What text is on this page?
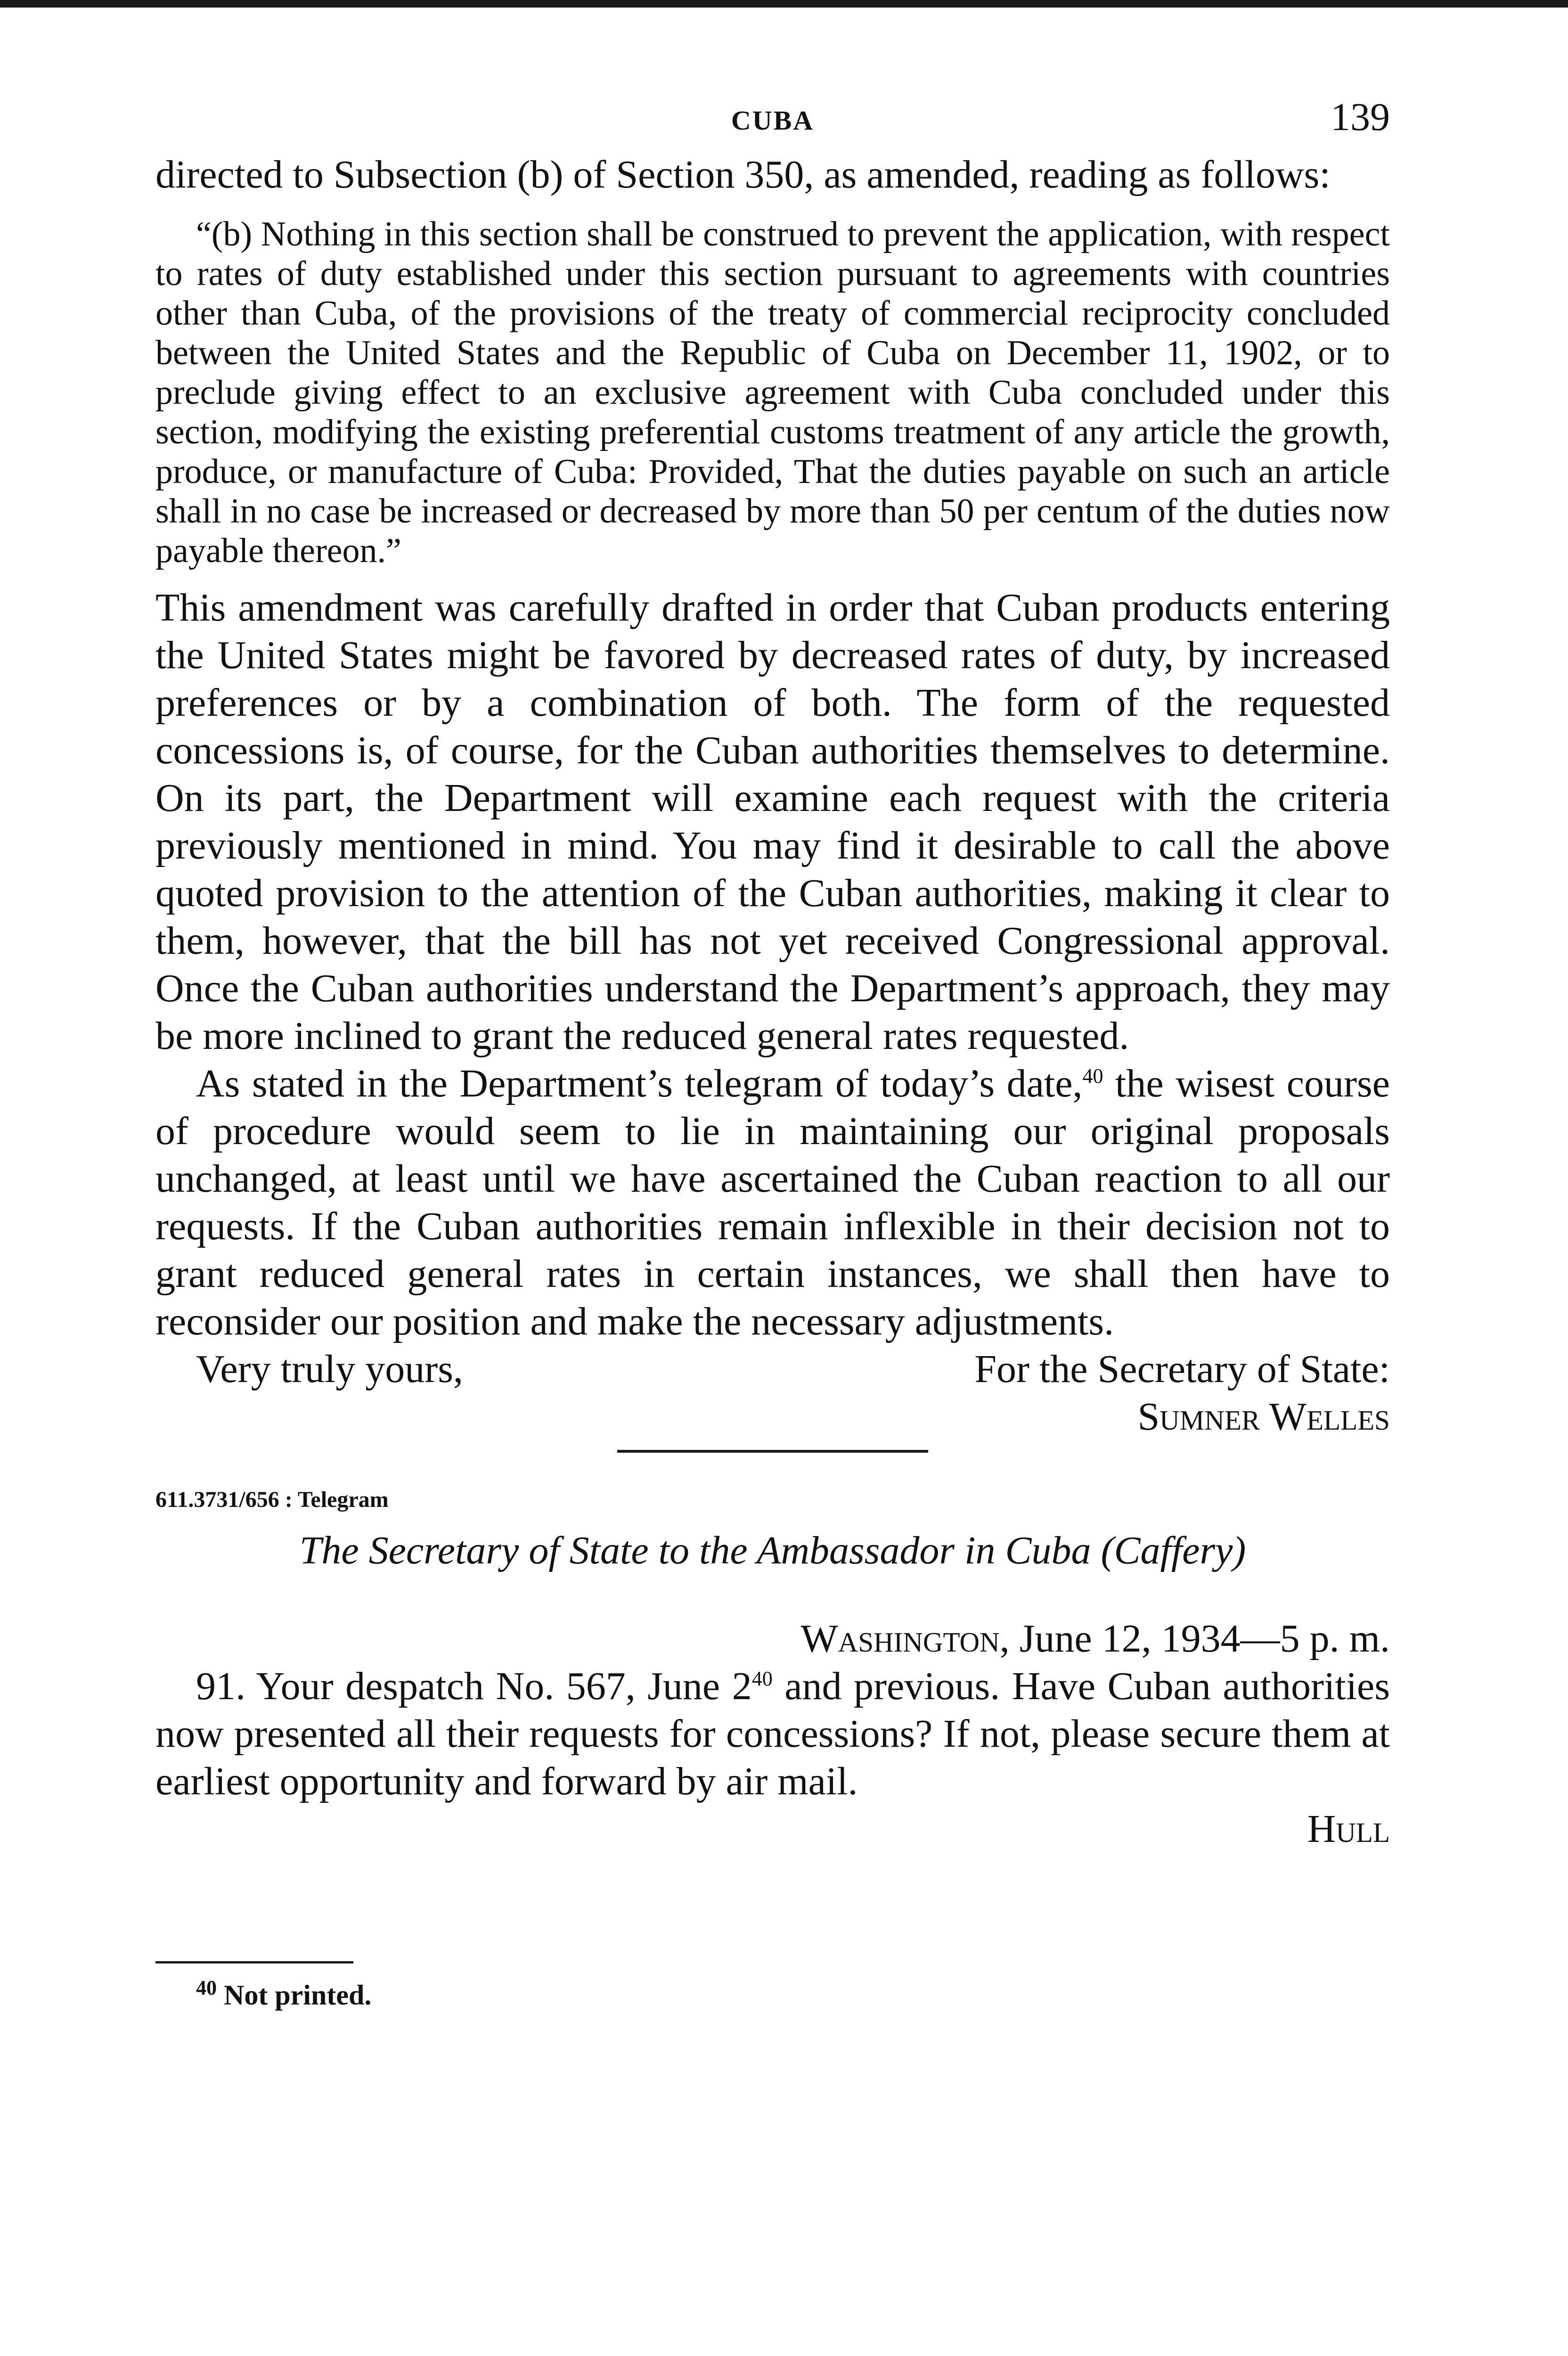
CUBA	139

directed to Subsection (b) of Section 350, as amended, reading as follows:

“(b) Nothing in this section shall be construed to prevent the application, with respect to rates of duty established under this section pursuant to agreements with countries other than Cuba, of the provisions of the treaty of commercial reciprocity concluded between the United States and the Republic of Cuba on December 11, 1902, or to preclude giving effect to an exclusive agreement with Cuba concluded under this section, modifying the existing preferential customs treatment of any article the growth, produce, or manufacture of Cuba: Provided, That the duties payable on such an article shall in no case be increased or decreased by more than 50 per centum of the duties now payable thereon.”

This amendment was carefully drafted in order that Cuban products entering the United States might be favored by decreased rates of duty, by increased preferences or by a combination of both. The form of the requested concessions is, of course, for the Cuban authorities themselves to determine. On its part, the Department will examine each request with the criteria previously mentioned in mind. You may find it desirable to call the above quoted provision to the attention of the Cuban authorities, making it clear to them, however, that the bill has not yet received Congressional approval. Once the Cuban authorities understand the Department’s approach, they may be more inclined to grant the reduced general rates requested.

As stated in the Department’s telegram of today’s date,$^{40}$ the wisest course of procedure would seem to lie in maintaining our original proposals unchanged, at least until we have ascertained the Cuban reaction to all our requests. If the Cuban authorities remain inflexible in their decision not to grant reduced general rates in certain instances, we shall then have to reconsider our position and make the necessary adjustments.

Very truly yours,	For the Secretary of State:
Sumner Welles

611.3731/656 : Telegram

The Secretary of State to the Ambassador in Cuba (Caffery)

Washington, June 12, 1934—5 p. m.

91. Your despatch No. 567, June $2^{40}$ and previous. Have Cuban authorities now presented all their requests for concessions? If not, please secure them at earliest opportunity and forward by air mail.

Hull

$^{40}$ Not printed.
